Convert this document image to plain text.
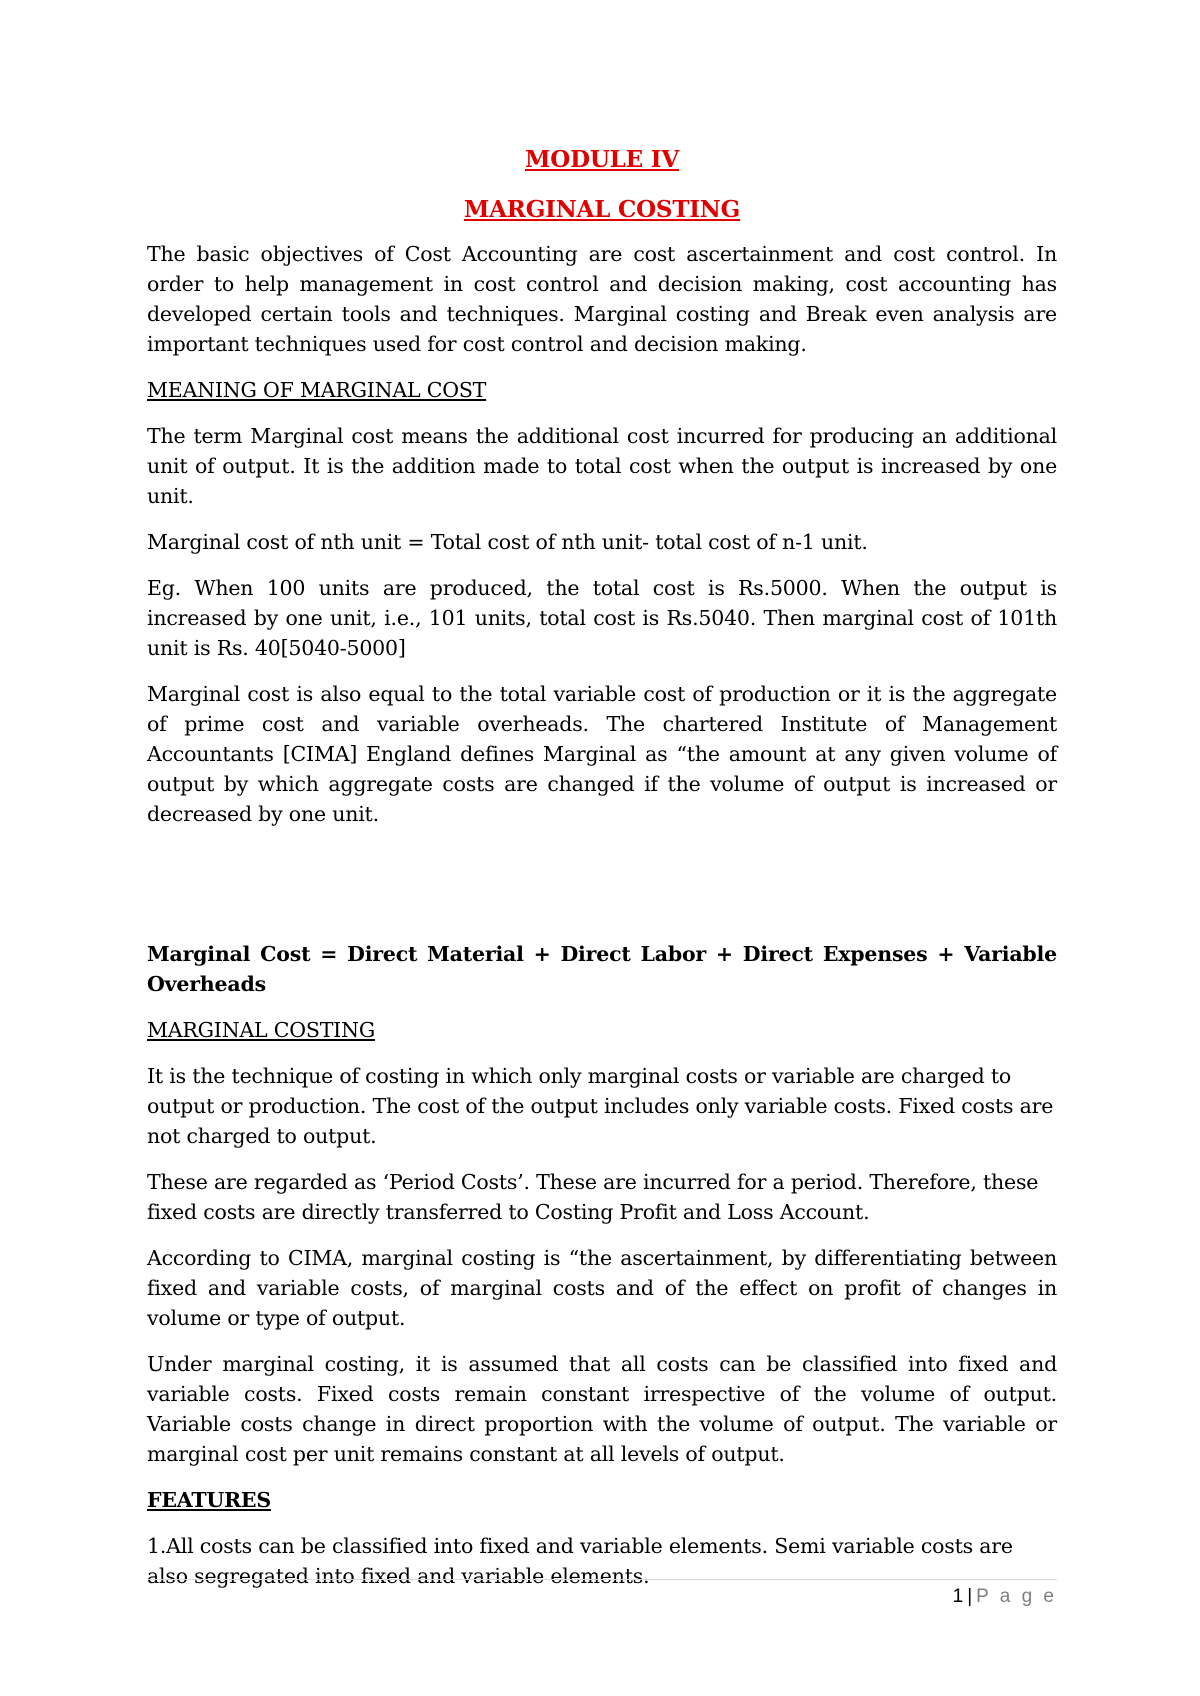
MODULE IV
MARGINAL COSTING

The basic objectives of Cost Accounting are cost ascertainment and cost control. In order to help management in cost control and decision making, cost accounting has developed certain tools and techniques. Marginal costing and Break even analysis are important techniques used for cost control and decision making.

MEANING OF MARGINAL COST

The term Marginal cost means the additional cost incurred for producing an additional unit of output. It is the addition made to total cost when the output is increased by one unit.

Marginal cost of nth unit = Total cost of nth unit- total cost of n-1 unit.

Eg. When 100 units are produced, the total cost is Rs.5000. When the output is increased by one unit, i.e., 101 units, total cost is Rs.5040. Then marginal cost of 101th unit is Rs. 40[5040-5000]

Marginal cost is also equal to the total variable cost of production or it is the aggregate of prime cost and variable overheads. The chartered Institute of Management Accountants [CIMA] England defines Marginal as “the amount at any given volume of output by which aggregate costs are changed if the volume of output is increased or decreased by one unit.

Marginal Cost = Direct Material + Direct Labor + Direct Expenses + Variable Overheads

MARGINAL COSTING

It is the technique of costing in which only marginal costs or variable are charged to output or production. The cost of the output includes only variable costs. Fixed costs are not charged to output.

These are regarded as ‘Period Costs’. These are incurred for a period. Therefore, these fixed costs are directly transferred to Costing Profit and Loss Account.

According to CIMA, marginal costing is “the ascertainment, by differentiating between fixed and variable costs, of marginal costs and of the effect on profit of changes in volume or type of output.

Under marginal costing, it is assumed that all costs can be classified into fixed and variable costs. Fixed costs remain constant irrespective of the volume of output. Variable costs change in direct proportion with the volume of output. The variable or marginal cost per unit remains constant at all levels of output.

FEATURES

1.All costs can be classified into fixed and variable elements. Semi variable costs are also segregated into fixed and variable elements.

1 | P a g e
